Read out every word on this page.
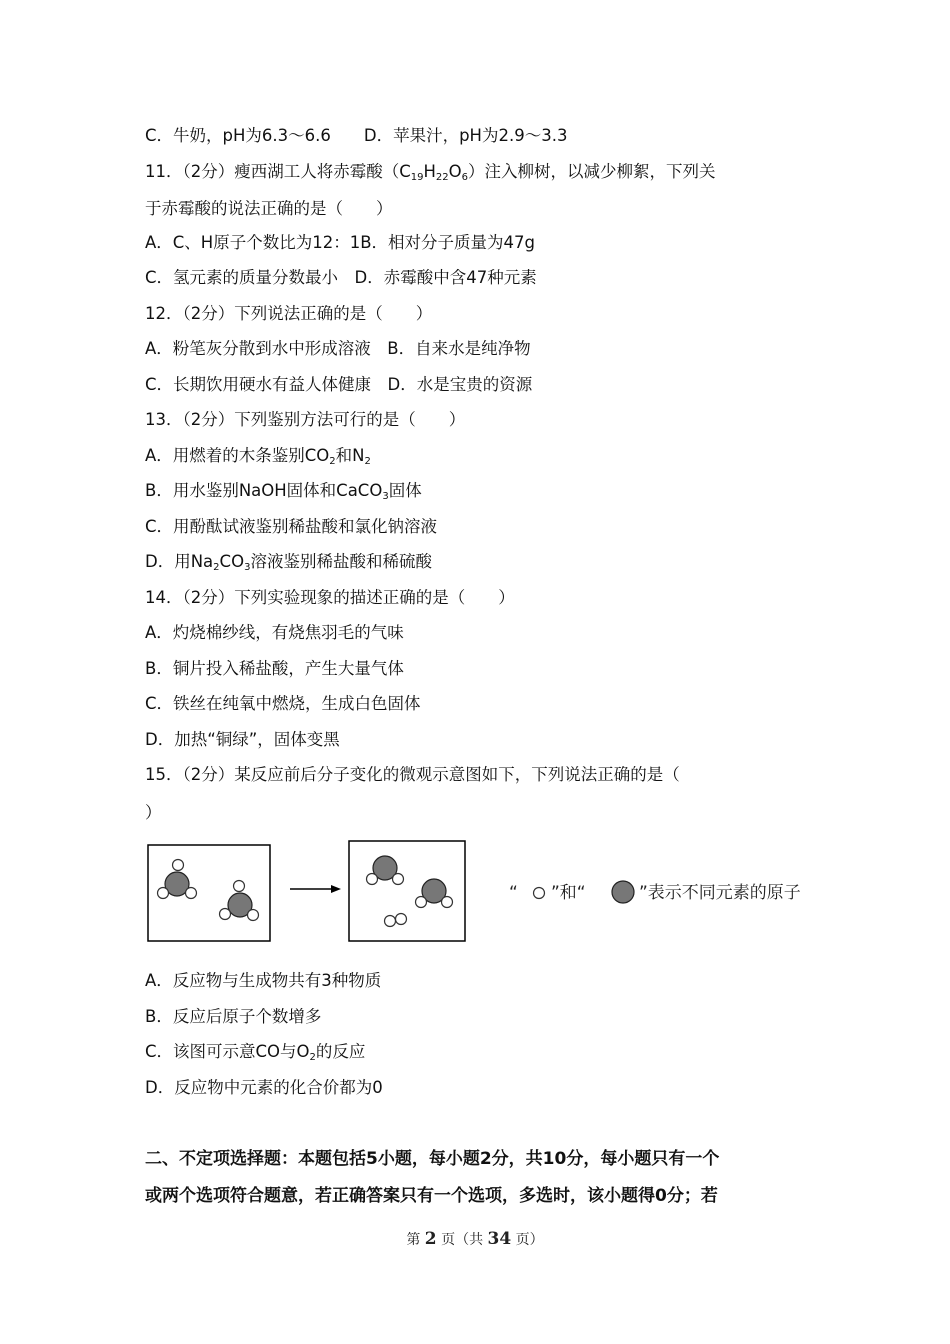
C．牛奶，pH为6.3～6.6　　D．苹果汁，pH为2.9～3.3
11．（2分）瘦西湖工人将赤霉酸$(C_{19}H_{22}O_6)$注入柳树，以减少柳絮，下列关
于赤霉酸的说法正确的是（　　）
A．C、H原子个数比为12：1B．相对分子质量为47g
C．氢元素的质量分数最小　D．赤霉酸中含47种元素
12．（2分）下列说法正确的是（　　）
A．粉笔灰分散到水中形成溶液　B．自来水是纯净物
C．长期饮用硬水有益人体健康　D．水是宝贵的资源
13．（2分）下列鉴别方法可行的是（　　）
A．用燃着的木条鉴别$CO_2$和$N_2$
B．用水鉴别NaOH固体和CaCO$_3$固体
C．用酚酞试液鉴别稀盐酸和氯化钠溶液
D．用$Na_2CO_3$溶液鉴别稀盐酸和稀硫酸
14．（2分）下列实验现象的描述正确的是（　　）
A．灼烧棉纱线，有烧焦羽毛的气味
B．铜片投入稀盐酸，产生大量气体
C．铁丝在纯氧中燃烧，生成白色固体
D．加热“铜绿”，固体变黑
15．（2分）某反应前后分子变化的微观示意图如下，下列说法正确的是（
）
“ ”和“	”表示不同元素的原子
A．反应物与生成物共有3种物质
B．反应后原子个数增多
C．该图可示意CO与$O_2$的反应
D．反应物中元素的化合价都为0
二、不定项选择题：本题包括5小题，每小题2分，共10分，每小题只有一个
或两个选项符合题意，若正确答案只有一个选项，多选时，该小题得0分；若
第 2 页（共 34 页）
